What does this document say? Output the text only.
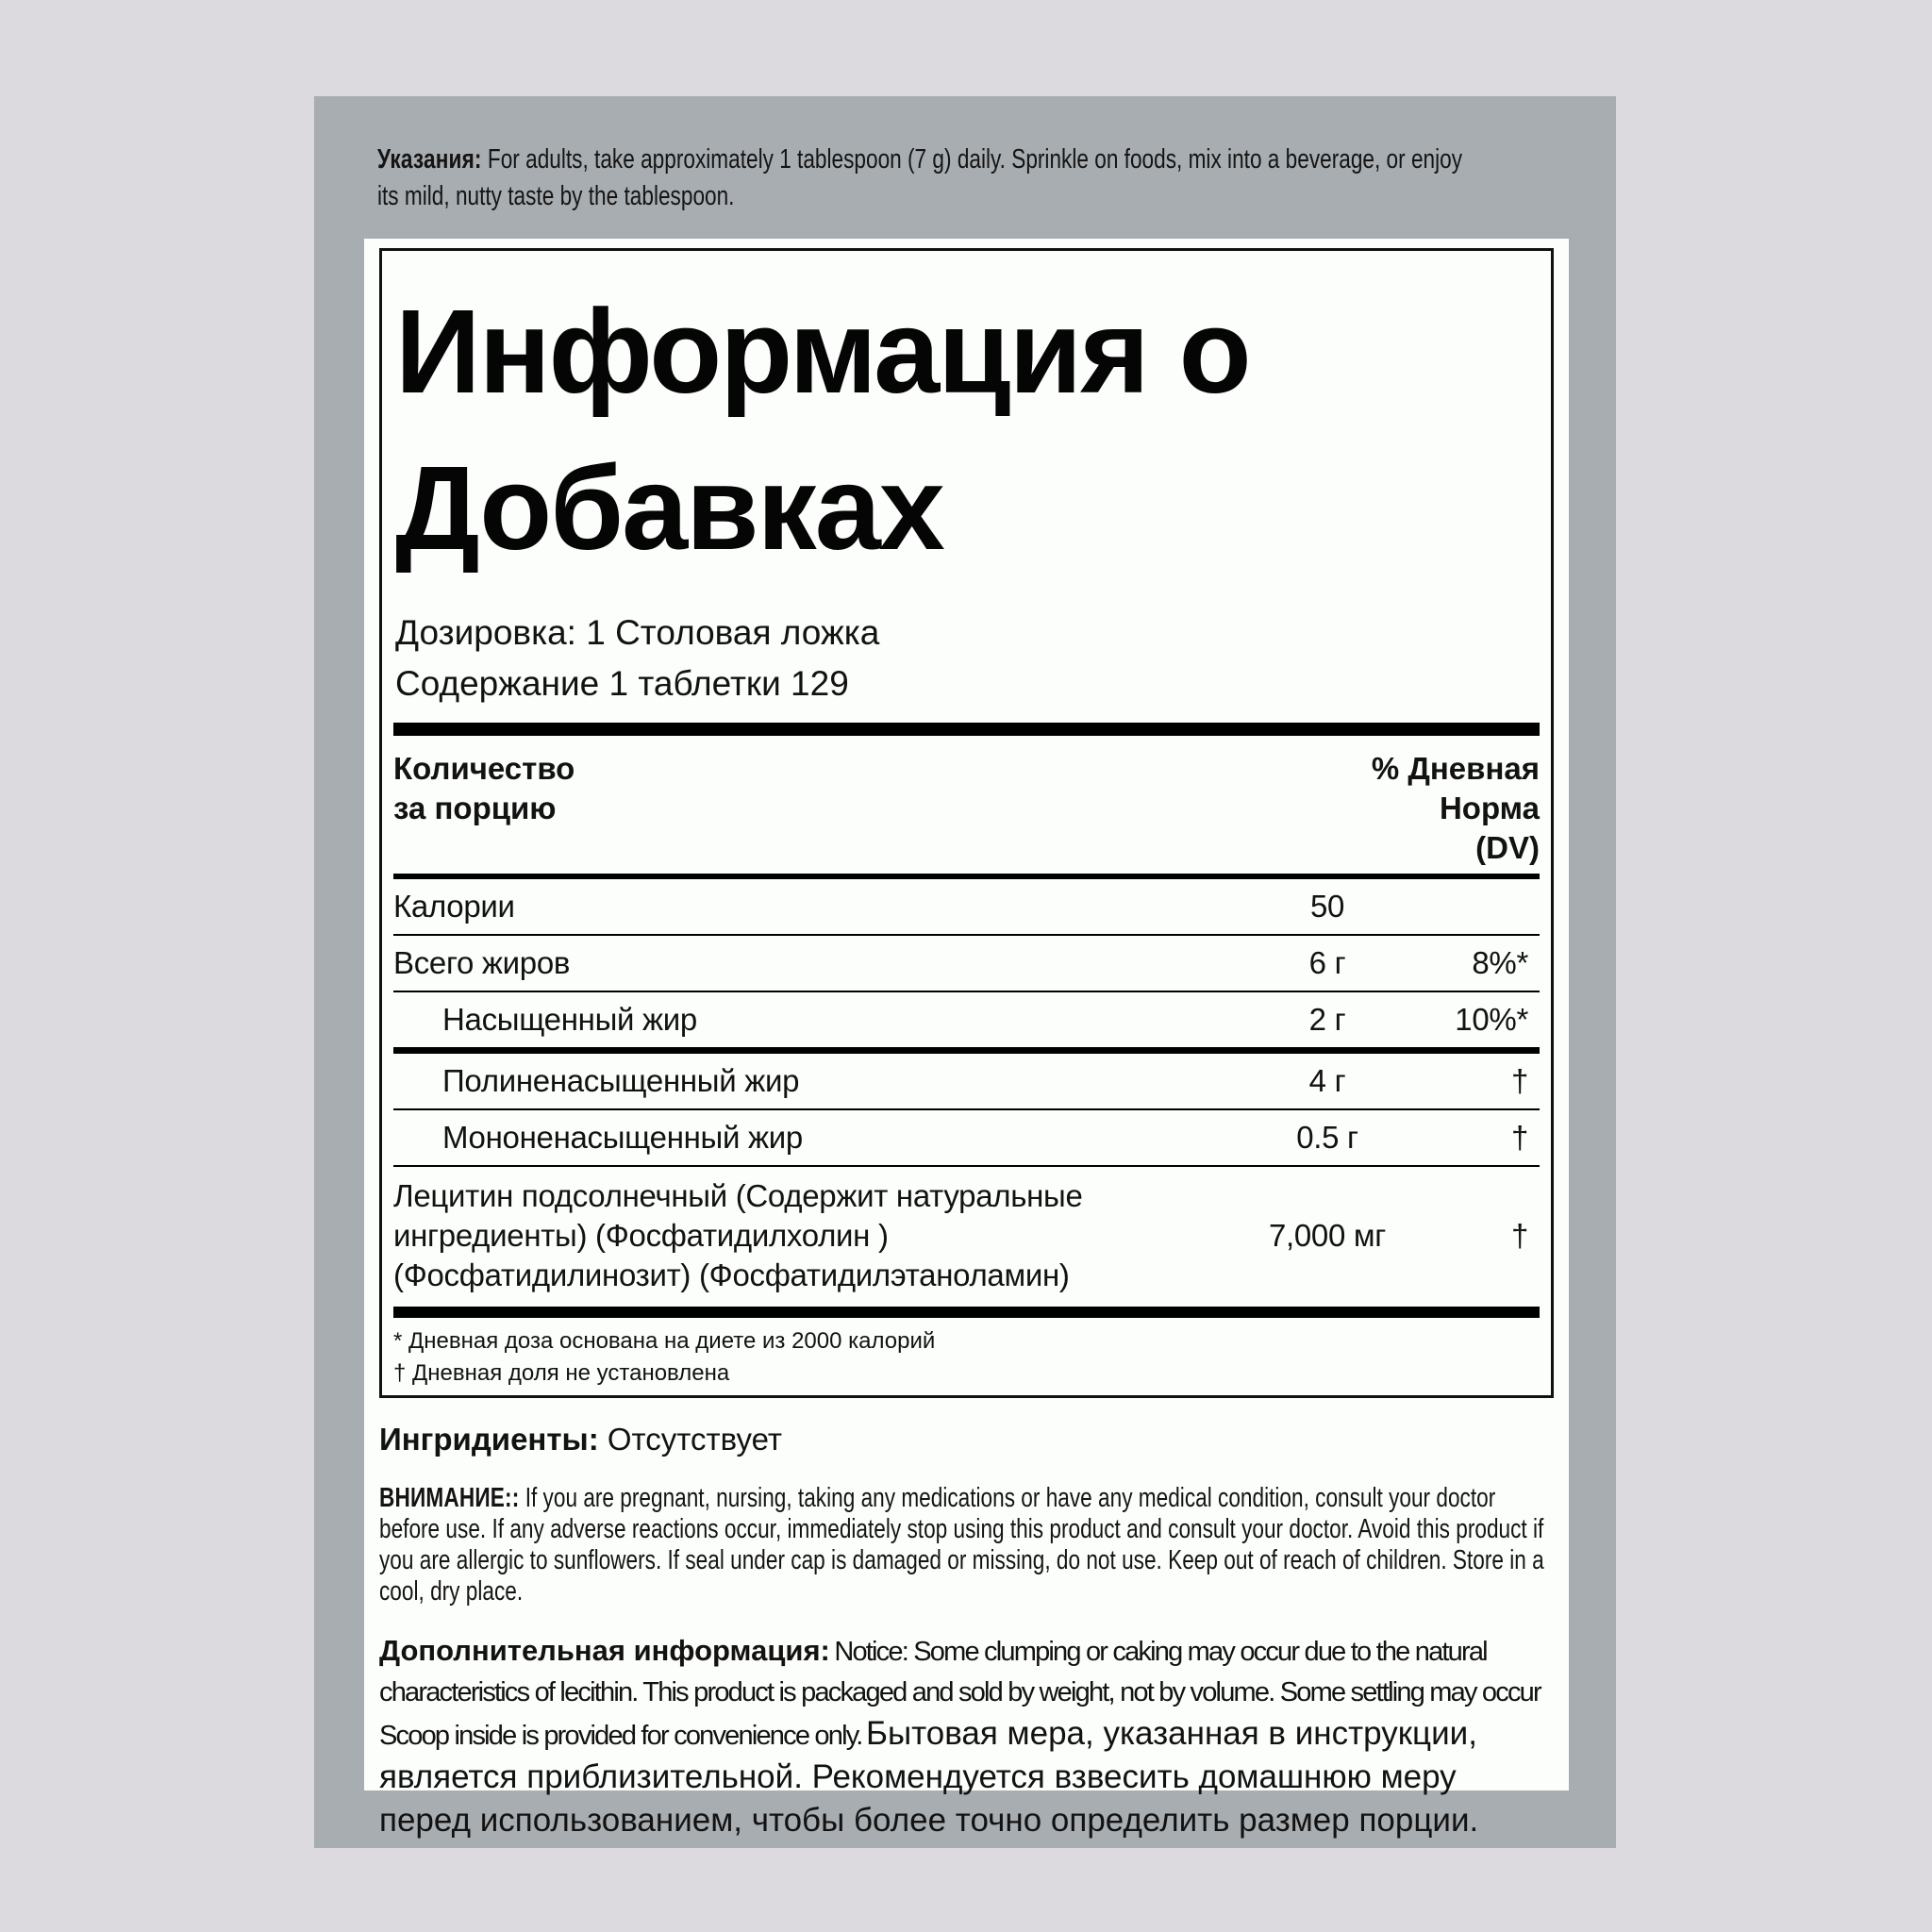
Указания: For adults, take approximately 1 tablespoon (7 g) daily. Sprinkle on foods, mix into a beverage, or enjoy its mild, nutty taste by the tablespoon.

Информация о Добавках

Дозировка: 1 Столовая ложка

Содержание 1 таблетки 129

Количество
за порцию
% Дневная
Норма
(DV)
Калории	50
Всего жиров	6 г	8%*
Насыщенный жир	2 г	10%*
Полиненасыщенный жир	4 г	†
Мононенасыщенный жир	0.5 г	†
Лецитин подсолнечный (Содержит натуральные ингредиенты) (Фосфатидилхолин ) (Фосфатидилинозит) (Фосфатидилэтаноламин)
7,000 мг	†
* Дневная доза основана на диете из 2000 калорий
† Дневная доля не установлена

Ингридиенты: Отсутствует

ВНИМАНИЕ:: If you are pregnant, nursing, taking any medications or have any medical condition, consult your doctor before use. If any adverse reactions occur, immediately stop using this product and consult your doctor. Avoid this product if you are allergic to sunflowers. If seal under cap is damaged or missing, do not use. Keep out of reach of children. Store in a cool, dry place.

Дополнительная информация: Notice: Some clumping or caking may occur due to the natural characteristics of lecithin. This product is packaged and sold by weight, not by volume. Some settling may occur Scoop inside is provided for convenience only. Бытовая мера, указанная в инструкции, является приблизительной. Рекомендуется взвесить домашнюю меру перед использованием, чтобы более точно определить размер порции.
